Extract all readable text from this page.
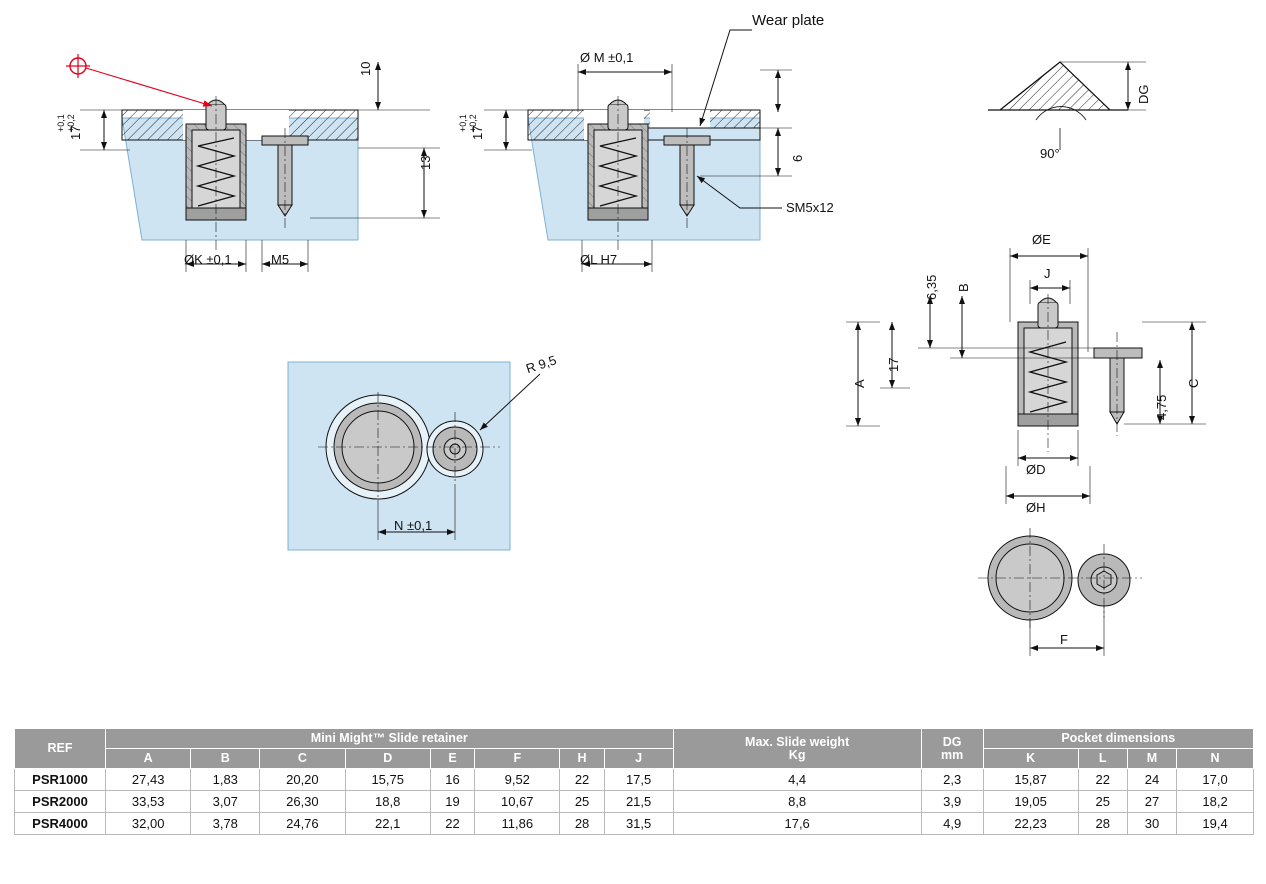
Wear plate
10
13
17
+0,1 +0,2
ØK ±0,1	M5
Ø M ±0,1
17
+0,1 +0,2
6
SM5x12
ØL H7
90°
DG
R 9,5
N ±0,1
ØE
J
B
6,35
17
A	C
4,75
ØD
ØH
F
REF	Mini Might™ Slide retainer	Max. Slide weight
Kg

DG
mm
	Pocket dimensions
	A	B	C	D	E	F	H	J			K	L	M	N
PSR1000	27,43	1,83	20,20	15,75	16	9,52	22	17,5	4,4	2,3	15,87	22	24	17,0
PSR2000	33,53	3,07	26,30	18,8	19	10,67	25	21,5	8,8	3,9	19,05	25	27	18,2
PSR4000	32,00	3,78	24,76	22,1	22	11,86	28	31,5	17,6	4,9	22,23	28	30	19,4
